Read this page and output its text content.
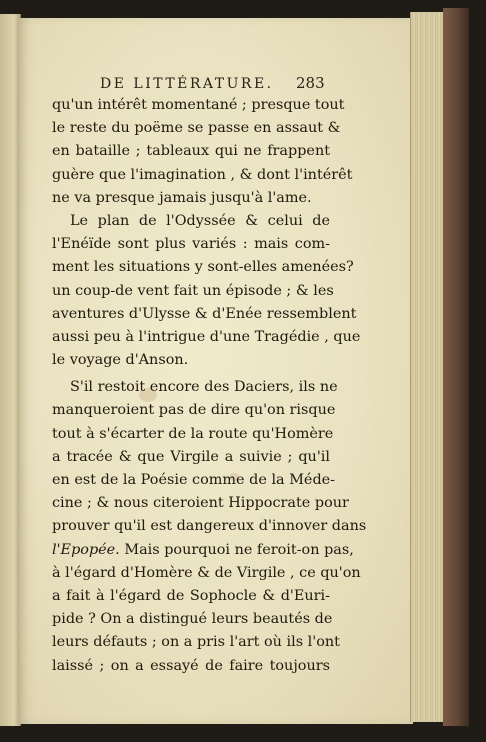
DE LITTÉRATURE. 283
qu'un intérêt momentané ; presque tout
le reste du poëme se passe en assaut &
en bataille ; tableaux qui ne frappent
guère que l'imagination , & dont l'intérêt
ne va presque jamais jusqu'à l'ame.
Le plan de l'Odyssée & celui de
l'Enéïde sont plus variés : mais com-
ment les situations y sont-elles amenées?
un coup-de vent fait un épisode ; & les
aventures d'Ulysse & d'Enée ressemblent
aussi peu à l'intrigue d'une Tragédie , que
le voyage d'Anson.
S'il restoit encore des Daciers, ils ne
manqueroient pas de dire qu'on risque
tout à s'écarter de la route qu'Homère
a tracée & que Virgile a suivie ; qu'il
en est de la Poésie comme de la Méde-
cine ; & nous citeroient Hippocrate pour
prouver qu'il est dangereux d'innover dans
l'Epopée. Mais pourquoi ne feroit-on pas,
à l'égard d'Homère & de Virgile , ce qu'on
a fait à l'égard de Sophocle & d'Euri-
pide ? On a distingué leurs beautés de
leurs défauts ; on a pris l'art où ils l'ont
laissé ; on a essayé de faire toujours
